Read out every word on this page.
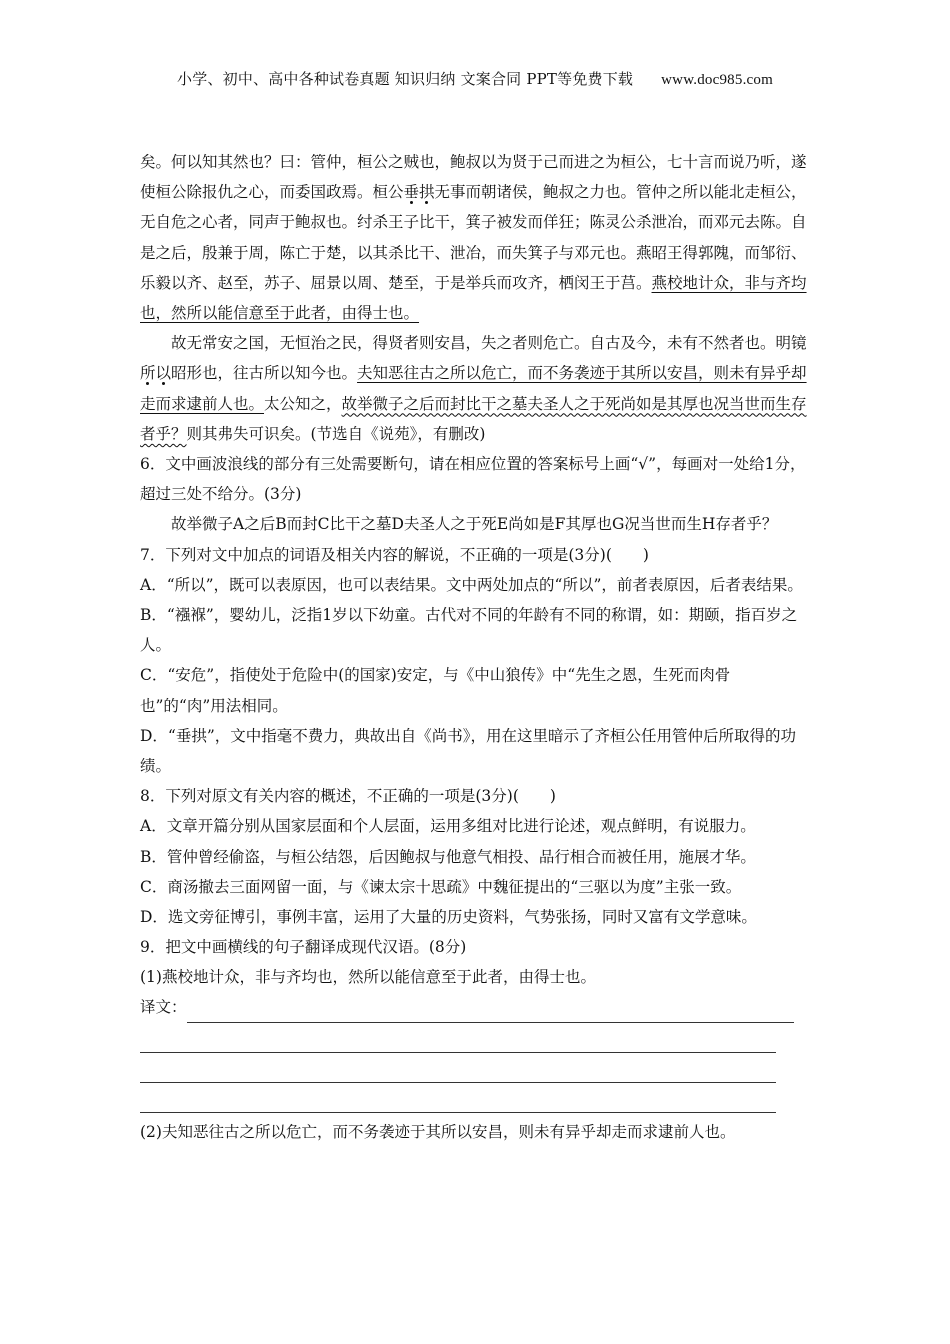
小学、初中、高中各种试卷真题 知识归纳 文案合同 PPT等免费下载 www.doc985.com

矣。何以知其然也？曰：管仲，桓公之贼也，鲍叔以为贤于己而进之为桓公，七十言而说乃听，遂使桓公除报仇之心，而委国政焉。桓公垂拱无事而朝诸侯，鲍叔之力也。管仲之所以能北走桓公，无自危之心者，同声于鲍叔也。纣杀王子比干，箕子被发而佯狂；陈灵公杀泄冶，而邓元去陈。自是之后，殷兼于周，陈亡于楚，以其杀比干、泄冶，而失箕子与邓元也。燕昭王得郭隗，而邹衍、乐毅以齐、赵至，苏子、屈景以周、楚至，于是举兵而攻齐，栖闵王于莒。燕校地计众，非与齐均也，然所以能信意至于此者，由得士也。

故无常安之国，无恒治之民，得贤者则安昌，失之者则危亡。自古及今，未有不然者也。明镜所以昭形也，往古所以知今也。夫知恶往古之所以危亡，而不务袭迹于其所以安昌，则未有异乎却走而求逮前人也。太公知之，故举微子之后而封比干之墓夫圣人之于死尚如是其厚也况当世而生存者乎？则其弗失可识矣。(节选自《说苑》，有删改)

6．文中画波浪线的部分有三处需要断句，请在相应位置的答案标号上画“√”，每画对一处给1分，超过三处不给分。(3分)

故举微子A之后B而封C比干之墓D夫圣人之于死E尚如是F其厚也G况当世而生H存者乎？

7．下列对文中加点的词语及相关内容的解说，不正确的一项是(3分)(　　)

A．“所以”，既可以表原因，也可以表结果。文中两处加点的“所以”，前者表原因，后者表结果。

B．“襁褓”，婴幼儿，泛指1岁以下幼童。古代对不同的年龄有不同的称谓，如：期颐，指百岁之人。

C．“安危”，指使处于危险中(的国家)安定，与《中山狼传》中“先生之恩，生死而肉骨也”的“肉”用法相同。

D．“垂拱”，文中指毫不费力，典故出自《尚书》，用在这里暗示了齐桓公任用管仲后所取得的功绩。

8．下列对原文有关内容的概述，不正确的一项是(3分)(　　)

A．文章开篇分别从国家层面和个人层面，运用多组对比进行论述，观点鲜明，有说服力。

B．管仲曾经偷盗，与桓公结怨，后因鲍叔与他意气相投、品行相合而被任用，施展才华。

C．商汤撤去三面网留一面，与《谏太宗十思疏》中魏征提出的“三驱以为度”主张一致。

D．选文旁征博引，事例丰富，运用了大量的历史资料，气势张扬，同时又富有文学意味。

9．把文中画横线的句子翻译成现代汉语。(8分)

(1)燕校地计众，非与齐均也，然所以能信意至于此者，由得士也。

译文：

(2)夫知恶往古之所以危亡，而不务袭迹于其所以安昌，则未有异乎却走而求逮前人也。
